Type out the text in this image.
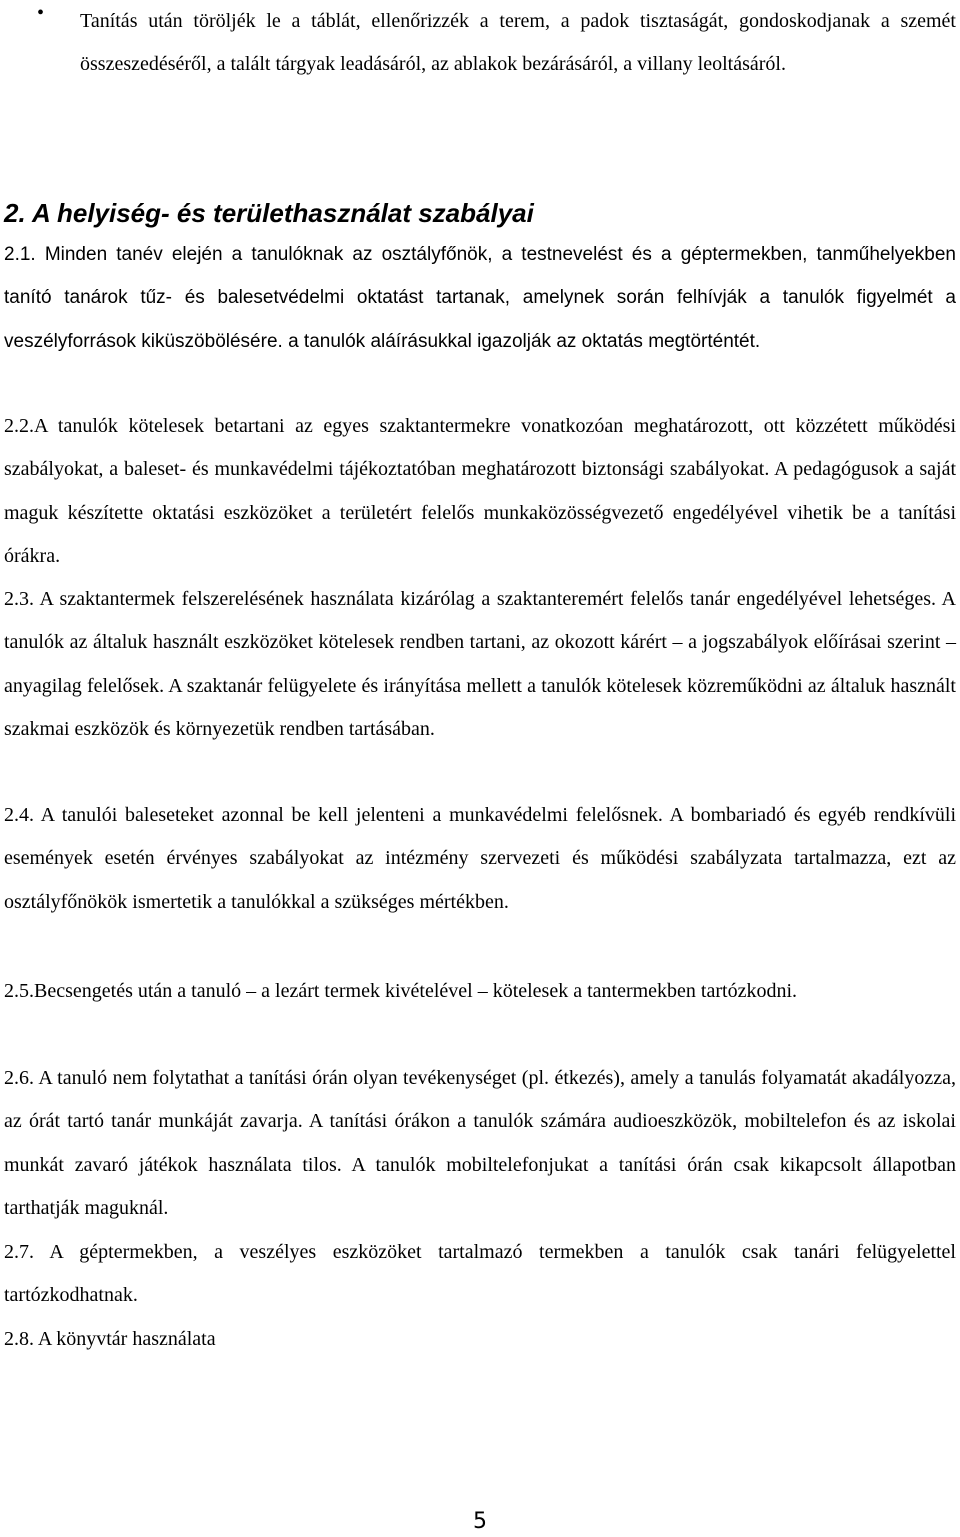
• Tanítás után töröljék le a táblát, ellenőrizzék a terem, a padok tisztaságát, gondoskodjanak a szemét összeszedéséről, a talált tárgyak leadásáról, az ablakok bezárásáról, a villany leoltásáról.

2. A helyiség- és területhasználat szabályai

2.1. Minden tanév elején a tanulóknak az osztályfőnök, a testnevelést és a géptermekben, tanműhelyekben tanító tanárok tűz- és balesetvédelmi oktatást tartanak, amelynek során felhívják a tanulók figyelmét a veszélyforrások kiküszöbölésére. a tanulók aláírásukkal igazolják az oktatás megtörténtét.

2.2.A tanulók kötelesek betartani az egyes szaktantermekre vonatkozóan meghatározott, ott közzétett működési szabályokat, a baleset- és munkavédelmi tájékoztatóban meghatározott biztonsági szabályokat. A pedagógusok a saját maguk készítette oktatási eszközöket a területért felelős munkaközösségvezető engedélyével vihetik be a tanítási órákra.

2.3. A szaktantermek felszerelésének használata kizárólag a szaktanteremért felelős tanár engedélyével lehetséges. A tanulók az általuk használt eszközöket kötelesek rendben tartani, az okozott kárért – a jogszabályok előírásai szerint – anyagilag felelősek. A szaktanár felügyelete és irányítása mellett a tanulók kötelesek közreműködni az általuk használt szakmai eszközök és környezetük rendben tartásában.

2.4. A tanulói baleseteket azonnal be kell jelenteni a munkavédelmi felelősnek. A bombariadó és egyéb rendkívüli események esetén érvényes szabályokat az intézmény szervezeti és működési szabályzata tartalmazza, ezt az osztályfőnökök ismertetik a tanulókkal a szükséges mértékben.

2.5.Becsengetés után a tanuló – a lezárt termek kivételével – kötelesek a tantermekben tartózkodni.

2.6. A tanuló nem folytathat a tanítási órán olyan tevékenységet (pl. étkezés), amely a tanulás folyamatát akadályozza, az órát tartó tanár munkáját zavarja. A tanítási órákon a tanulók számára audioeszközök, mobiltelefon és az iskolai munkát zavaró játékok használata tilos. A tanulók mobiltelefonjukat a tanítási órán csak kikapcsolt állapotban tarthatják maguknál.

2.7. A géptermekben, a veszélyes eszközöket tartalmazó termekben a tanulók csak tanári felügyelettel tartózkodhatnak.

2.8. A könyvtár használata

5
